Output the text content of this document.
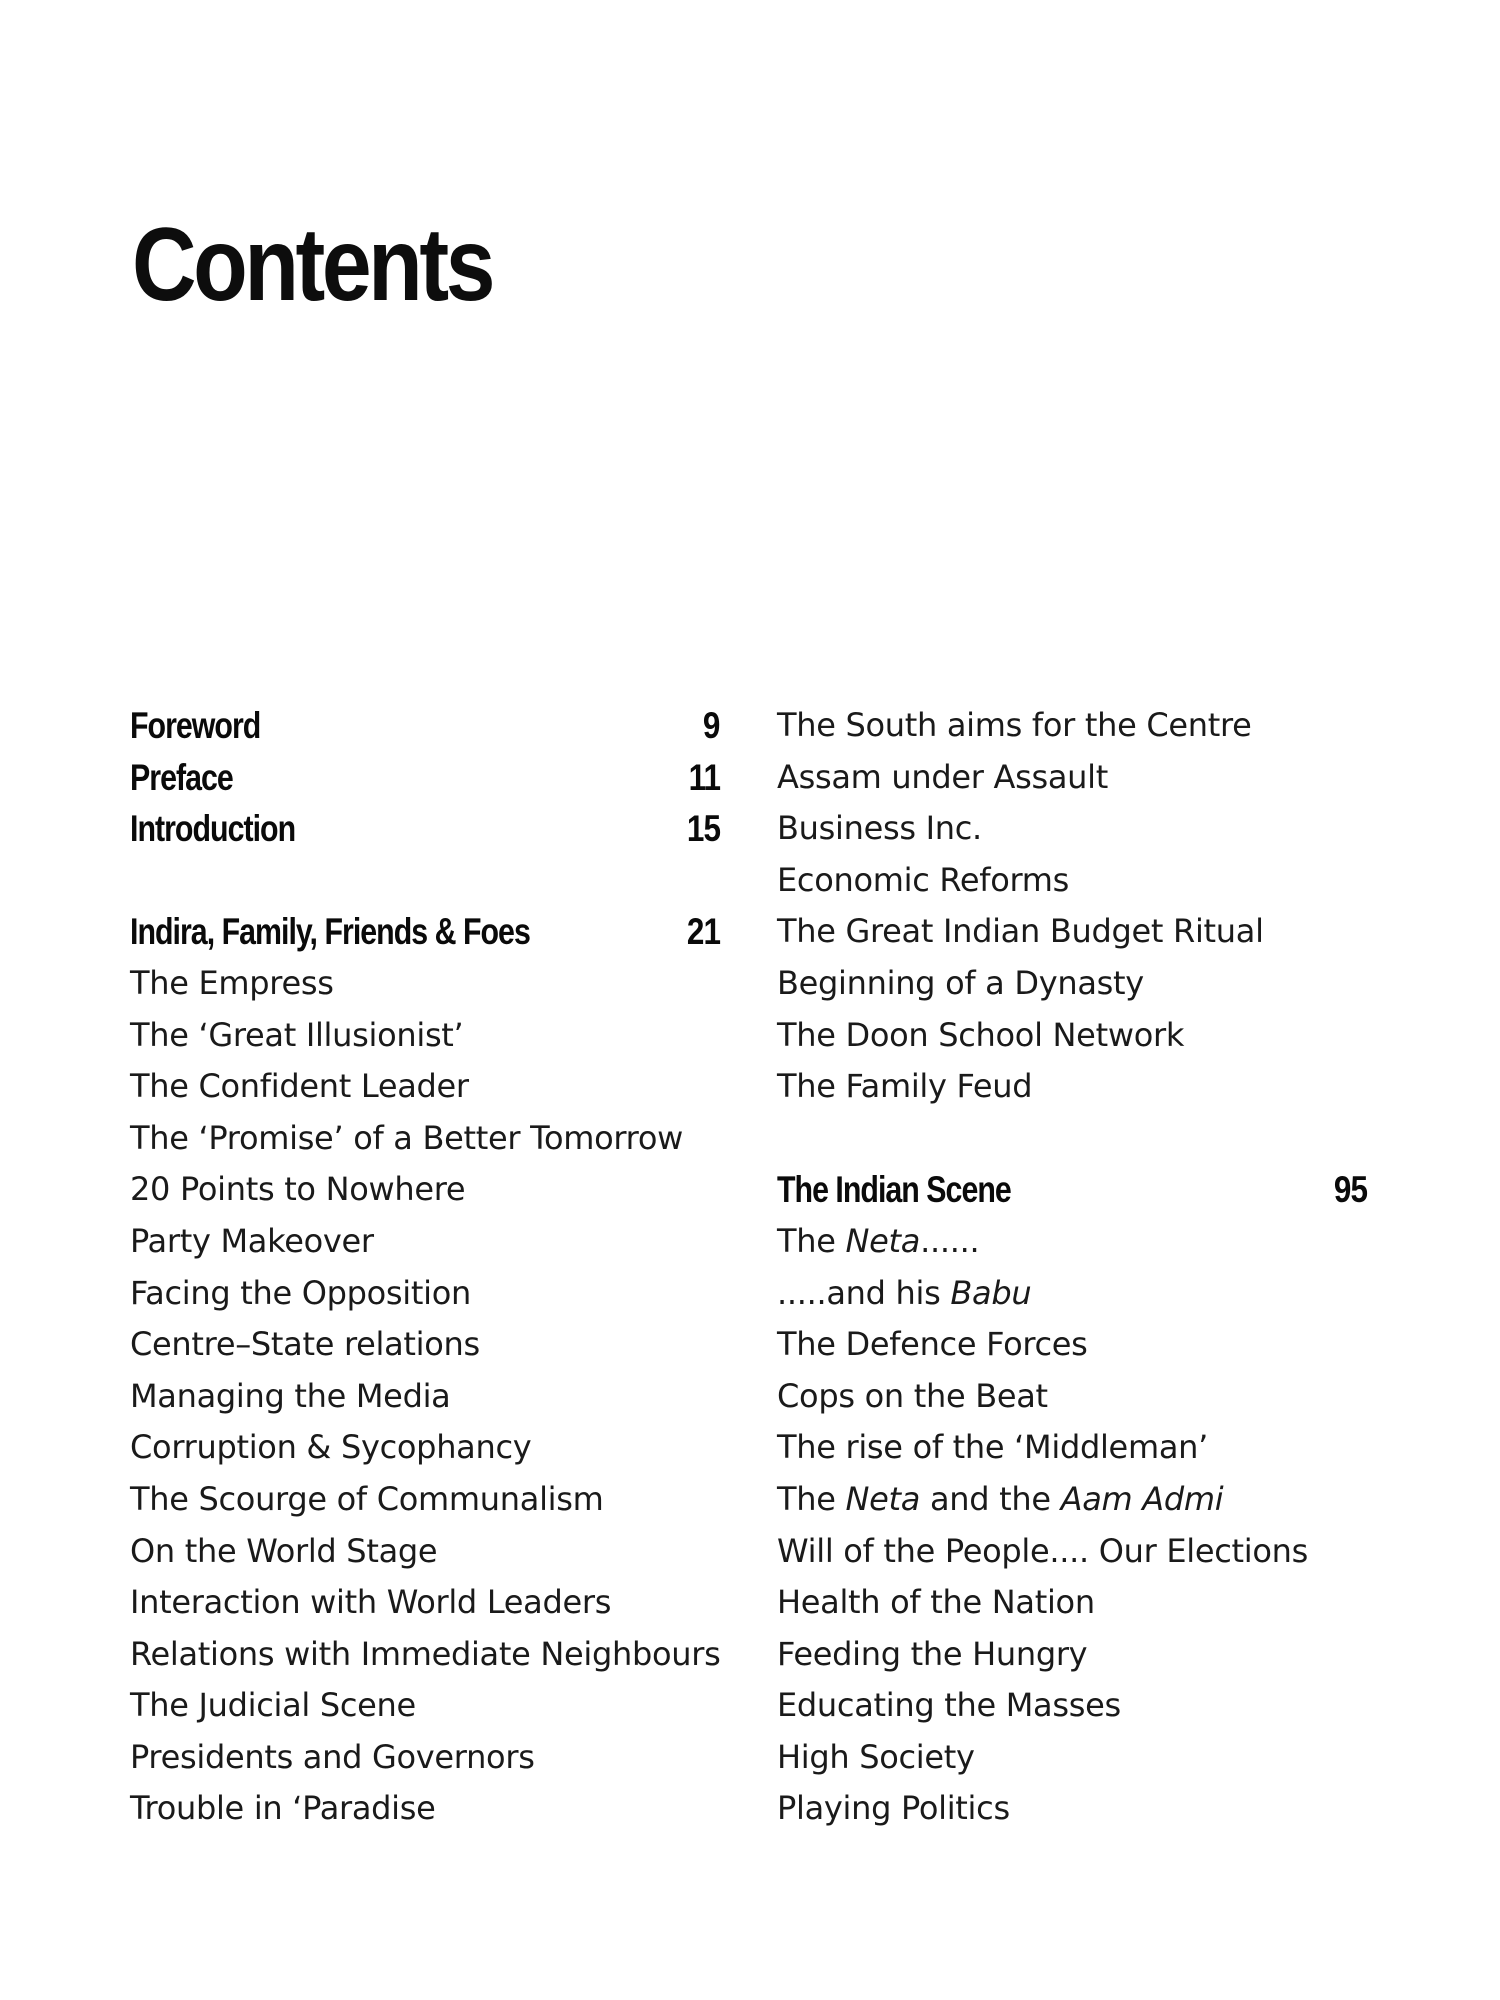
Contents
Foreword	9
Preface	11
Introduction	15
Indira, Family, Friends & Foes	21
The Empress
The ‘Great Illusionist’
The Confident Leader
The ‘Promise’ of a Better Tomorrow
20 Points to Nowhere
Party Makeover
Facing the Opposition
Centre–State relations
Managing the Media
Corruption & Sycophancy
The Scourge of Communalism
On the World Stage
Interaction with World Leaders
Relations with Immediate Neighbours
The Judicial Scene
Presidents and Governors
Trouble in ‘Paradise
The South aims for the Centre
Assam under Assault
Business Inc.
Economic Reforms
The Great Indian Budget Ritual
Beginning of a Dynasty
The Doon School Network
The Family Feud
The Indian Scene	95
The Neta......
.....and his Babu
The Defence Forces
Cops on the Beat
The rise of the ‘Middleman’
The Neta and the Aam Admi
Will of the People.... Our Elections
Health of the Nation
Feeding the Hungry
Educating the Masses
High Society
Playing Politics
